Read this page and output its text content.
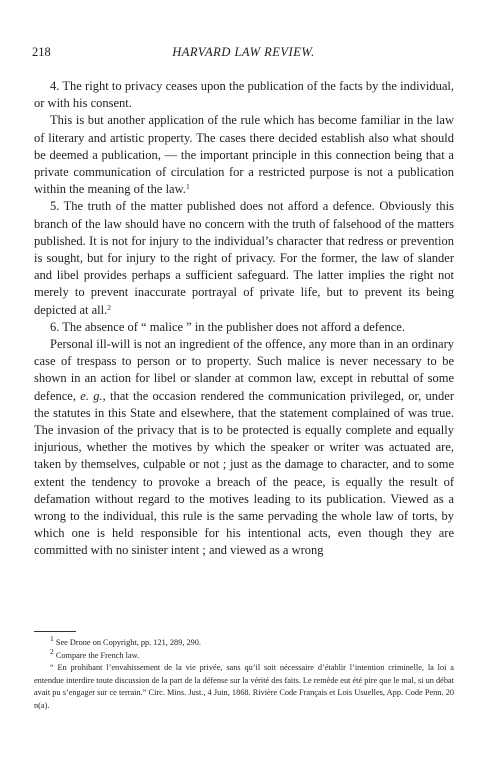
218	HARVARD LAW REVIEW.

4. The right to privacy ceases upon the publication of the facts by the individual, or with his consent.

This is but another application of the rule which has become familiar in the law of literary and artistic property. The cases there decided establish also what should be deemed a publication, — the important principle in this connection being that a private communication of circulation for a restricted purpose is not a publication within the meaning of the law.$^1$

5. The truth of the matter published does not afford a defence. Obviously this branch of the law should have no concern with the truth of falsehood of the matters published. It is not for injury to the individual’s character that redress or prevention is sought, but for injury to the right of privacy. For the former, the law of slander and libel provides perhaps a sufficient safeguard. The latter implies the right not merely to prevent inaccurate portrayal of private life, but to prevent its being depicted at all.$^2$

6. The absence of “ malice ” in the publisher does not afford a defence.

Personal ill-will is not an ingredient of the offence, any more than in an ordinary case of trespass to person or to property. Such malice is never necessary to be shown in an action for libel or slander at common law, except in rebuttal of some defence, e. g., that the occasion rendered the communication privileged, or, under the statutes in this State and elsewhere, that the statement complained of was true. The invasion of the privacy that is to be protected is equally complete and equally injurious, whether the motives by which the speaker or writer was actuated are, taken by themselves, culpable or not ; just as the damage to character, and to some extent the tendency to provoke a breach of the peace, is equally the result of defamation without regard to the motives leading to its publication. Viewed as a wrong to the individual, this rule is the same pervading the whole law of torts, by which one is held responsible for his intentional acts, even though they are committed with no sinister intent ; and viewed as a wrong

$^1$ See Drone on Copyright, pp. 121, 289, 290.

$^2$ Compare the French law.

“ En prohibant l’envahissement de la vie privée, sans qu’il soit nécessaire d’établir l’intention criminelle, la loi a entendue interdire toute discussion de la part de la défense sur la vérité des faits. Le remède eut été pire que le mal, si un débat avait pu s’engager sur ce terrain.” Circ. Mins. Just., 4 Juin, 1868. Rivière Code Français et Lois Usuelles, App. Code Penn. 20 n(a).
